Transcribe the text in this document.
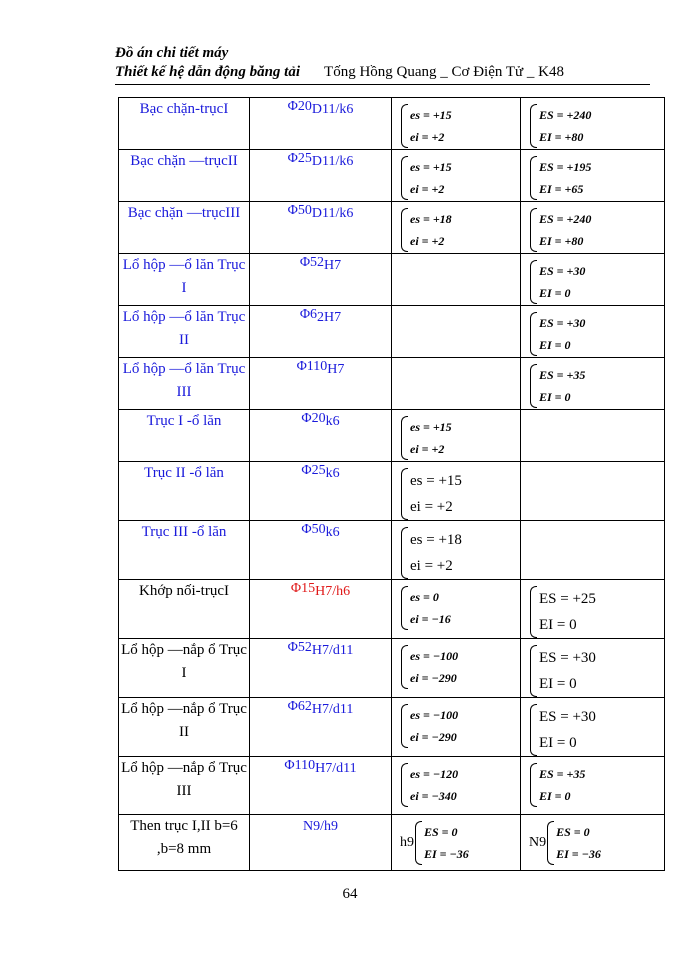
Đồ án chi tiết máy
Thiết kế hệ dẫn động băng tải Tống Hồng Quang _ Cơ Điện Tử _ K48
Bạc chặn-trụcI	Φ20D11/k6	es = +15
ei = +2	ES = +240
EI = +80

Bạc chặn —trụcII	Φ25D11/k6	es = +15
ei = +2	ES = +195
EI = +65

Bạc chặn —trụcIII	Φ50D11/k6	es = +18
ei = +2	ES = +240
EI = +80

Lổ hộp —ổ lăn Trục I	Φ52H7		ES = +30
EI = 0

Lổ hộp —ổ lăn Trục II	Φ62H7		ES = +30
EI = 0

Lổ hộp —ổ lăn Trục III	Φ110H7		ES = +35
EI = 0

Trục I -ổ lăn	Φ20k6	es = +15
ei = +2	

Trục II -ổ lăn	Φ25k6	es = +15
ei = +2	

Trục III -ổ lăn	Φ50k6	es = +18
ei = +2	

Khớp nối-trụcI	Φ15H7/h6	es = 0
ei = −16	ES = +25
EI = 0

Lổ hộp —nắp ổ Trục I	Φ52H7/d11	es = −100
ei = −290	ES = +30
EI = 0

Lổ hộp —nắp ổ Trục II	Φ62H7/d11	es = −100
ei = −290	ES = +30
EI = 0

Lổ hộp —nắp ổ Trục III	Φ110H7/d11	es = −120
ei = −340	ES = +35
EI = 0

Then trục I,II b=6 ,b=8 mm	N9/h9	h9
ES = 0
EI = −36	N9
ES = 0
EI = −36
64
